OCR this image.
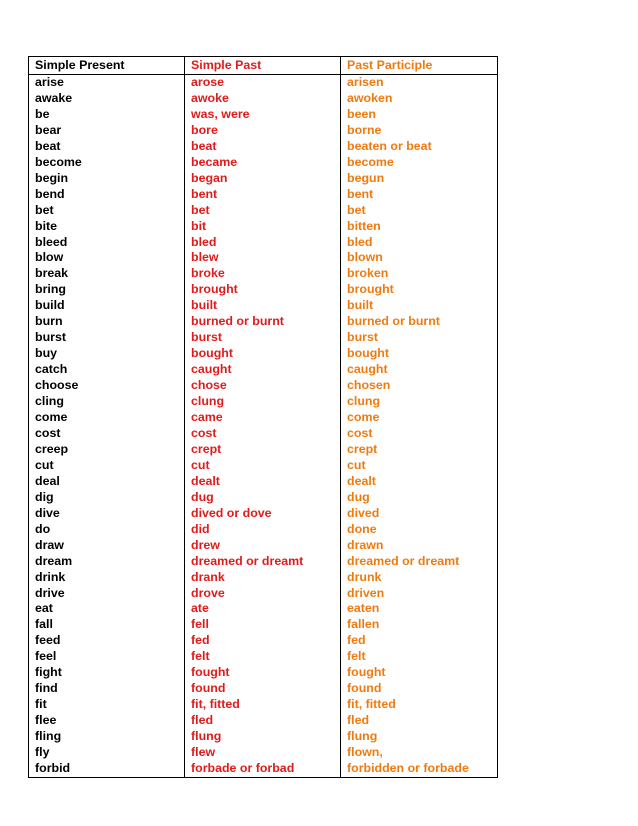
Simple Present	Simple Past	Past Participle
arise	arose	arisen
awake	awoke	awoken
be	was, were	been
bear	bore	borne
beat	beat	beaten or beat
become	became	become
begin	began	begun
bend	bent	bent
bet	bet	bet
bite	bit	bitten
bleed	bled	bled
blow	blew	blown
break	broke	broken
bring	brought	brought
build	built	built
burn	burned or burnt	burned or burnt
burst	burst	burst
buy	bought	bought
catch	caught	caught
choose	chose	chosen
cling	clung	clung
come	came	come
cost	cost	cost
creep	crept	crept
cut	cut	cut
deal	dealt	dealt
dig	dug	dug
dive	dived or dove	dived
do	did	done
draw	drew	drawn
dream	dreamed or dreamt	dreamed or dreamt
drink	drank	drunk
drive	drove	driven
eat	ate	eaten
fall	fell	fallen
feed	fed	fed
feel	felt	felt
fight	fought	fought
find	found	found
fit	fit, fitted	fit, fitted
flee	fled	fled
fling	flung	flung
fly	flew	flown,
forbid	forbade or forbad	forbidden or forbade
